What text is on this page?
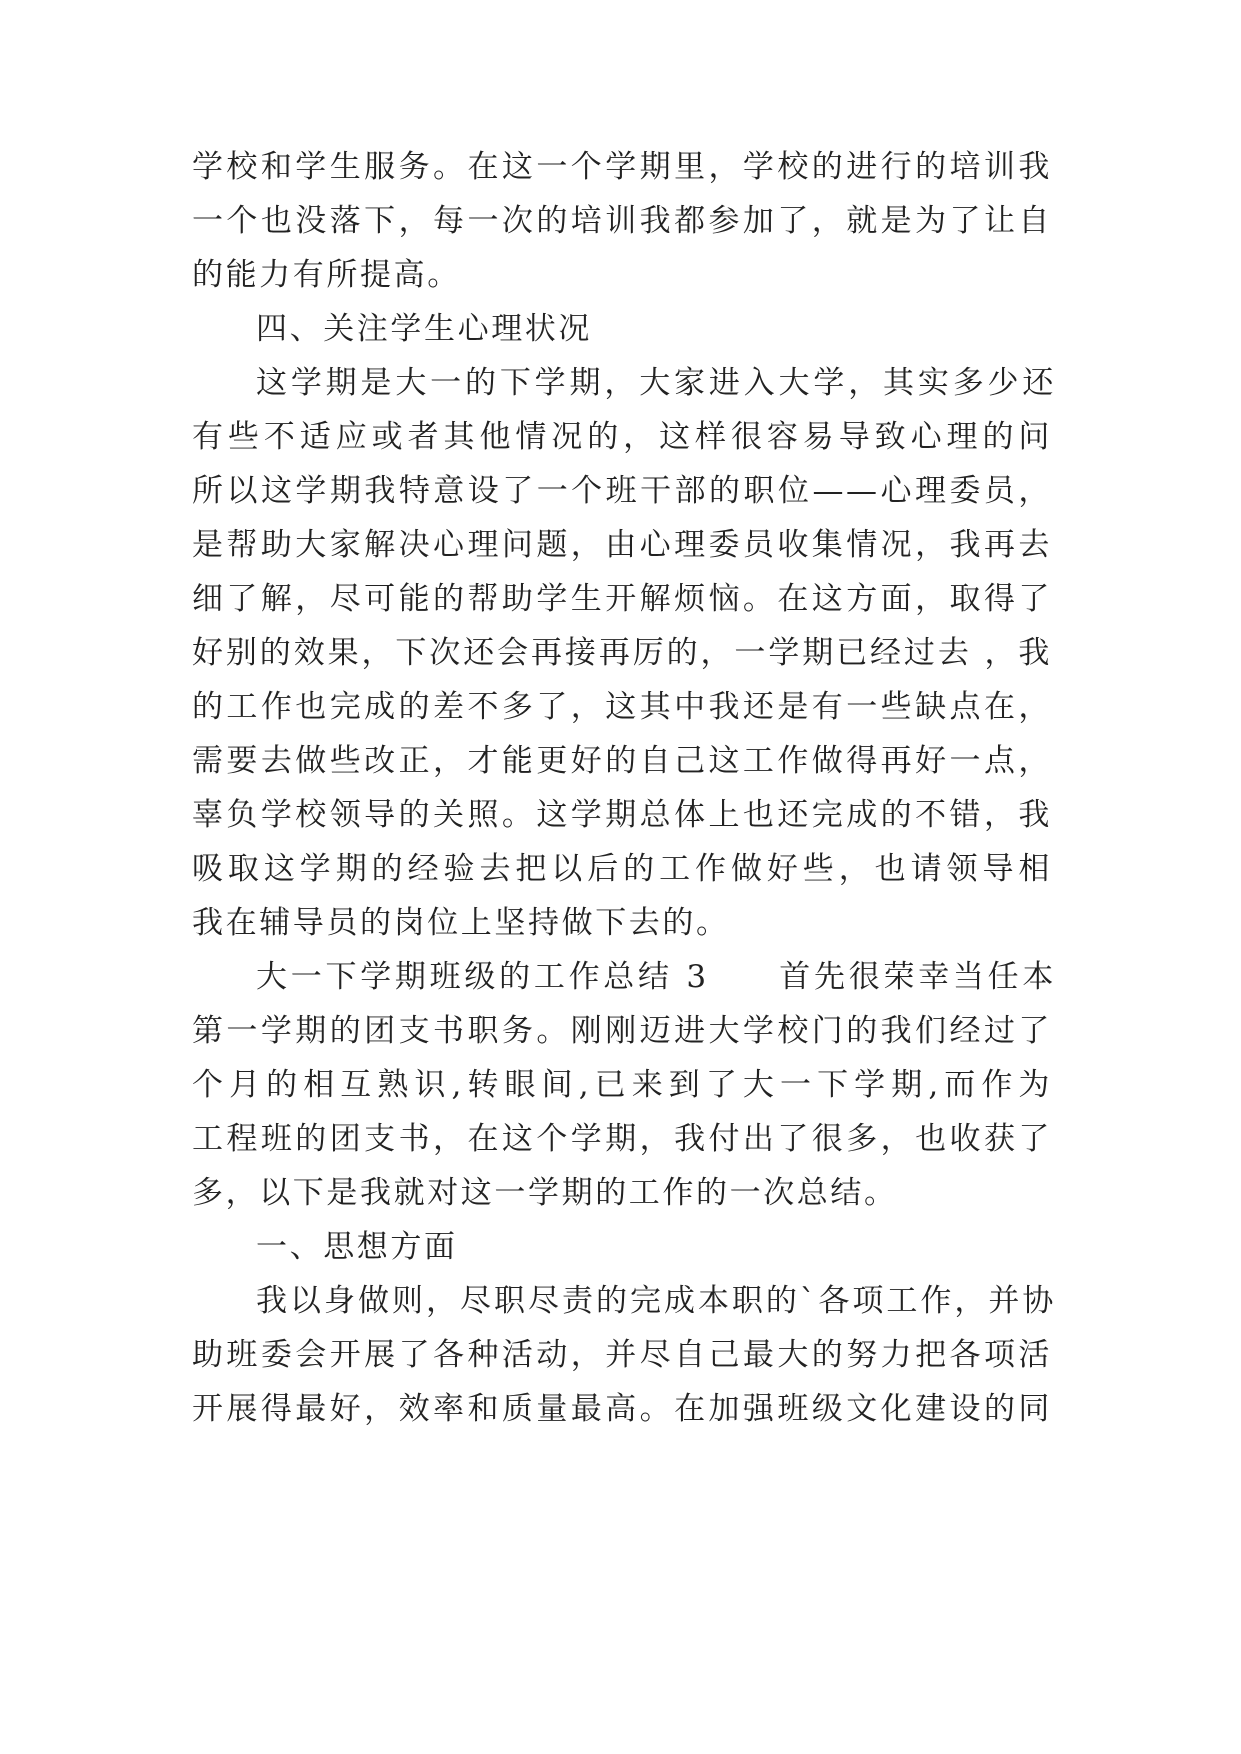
学校和学生服务。在这一个学期里，学校的进行的培训我
一个也没落下，每一次的培训我都参加了，就是为了让自
的能力有所提高。
四、关注学生心理状况
这学期是大一的下学期，大家进入大学，其实多少还
有些不适应或者其他情况的，这样很容易导致心理的问
所以这学期我特意设了一个班干部的职位——心理委员，
是帮助大家解决心理问题，由心理委员收集情况，我再去
细了解，尽可能的帮助学生开解烦恼。在这方面，取得了
好别的效果，下次还会再接再厉的，一学期已经过去 ，我
的工作也完成的差不多了，这其中我还是有一些缺点在，
需要去做些改正，才能更好的自己这工作做得再好一点，
辜负学校领导的关照。这学期总体上也还完成的不错，我
吸取这学期的经验去把以后的工作做好些，也请领导相
我在辅导员的岗位上坚持做下去的。
大一下学期班级的工作总结 3　　首先很荣幸当任本
第一学期的团支书职务。刚刚迈进大学校门的我们经过了
个月的相互熟识,转眼间,已来到了大一下学期,而作为
工程班的团支书，在这个学期，我付出了很多，也收获了
多，以下是我就对这一学期的工作的一次总结。
一、思想方面
我以身做则，尽职尽责的完成本职的`各项工作，并协
助班委会开展了各种活动，并尽自己最大的努力把各项活
开展得最好，效率和质量最高。在加强班级文化建设的同
